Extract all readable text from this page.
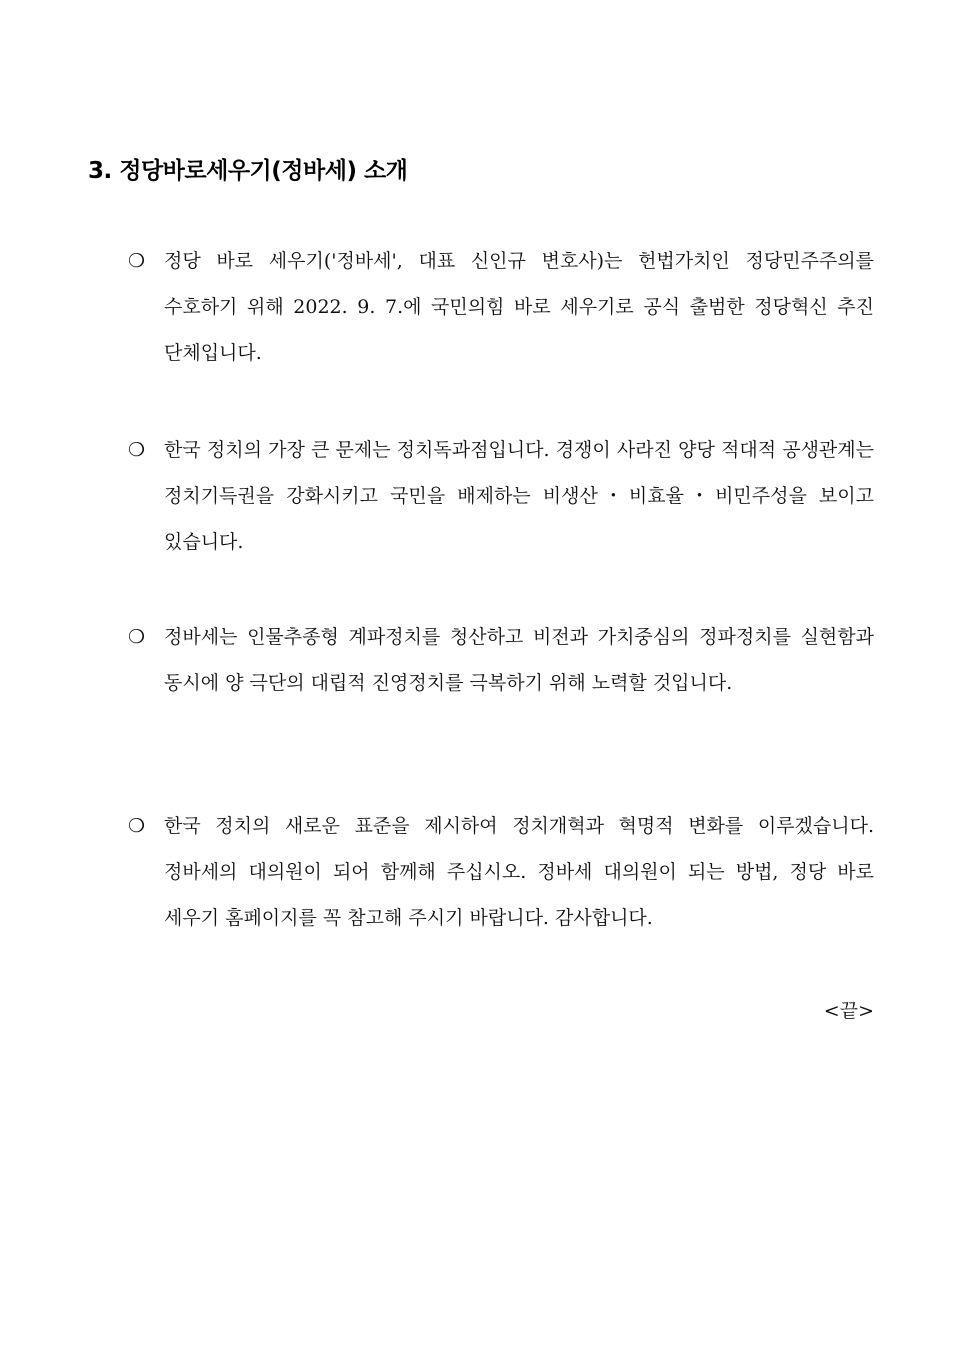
3. 정당바로세우기(정바세) 소개
❍ 정당 바로 세우기('정바세', 대표 신인규 변호사)는 헌법가치인 정당민주주의를 수호하기 위해 2022. 9. 7.에 국민의힘 바로 세우기로 공식 출범한 정당혁신 추진 단체입니다.

❍ 한국 정치의 가장 큰 문제는 정치독과점입니다. 경쟁이 사라진 양당 적대적 공생관계는 정치기득권을 강화시키고 국민을 배제하는 비생산・비효율・비민주성을 보이고 있습니다.

❍ 정바세는 인물추종형 계파정치를 청산하고 비전과 가치중심의 정파정치를 실현함과 동시에 양 극단의 대립적 진영정치를 극복하기 위해 노력할 것입니다.

❍ 한국 정치의 새로운 표준을 제시하여 정치개혁과 혁명적 변화를 이루겠습니다. 정바세의 대의원이 되어 함께해 주십시오. 정바세 대의원이 되는 방법, 정당 바로 세우기 홈페이지를 꼭 참고해 주시기 바랍니다. 감사합니다.

<끝>
